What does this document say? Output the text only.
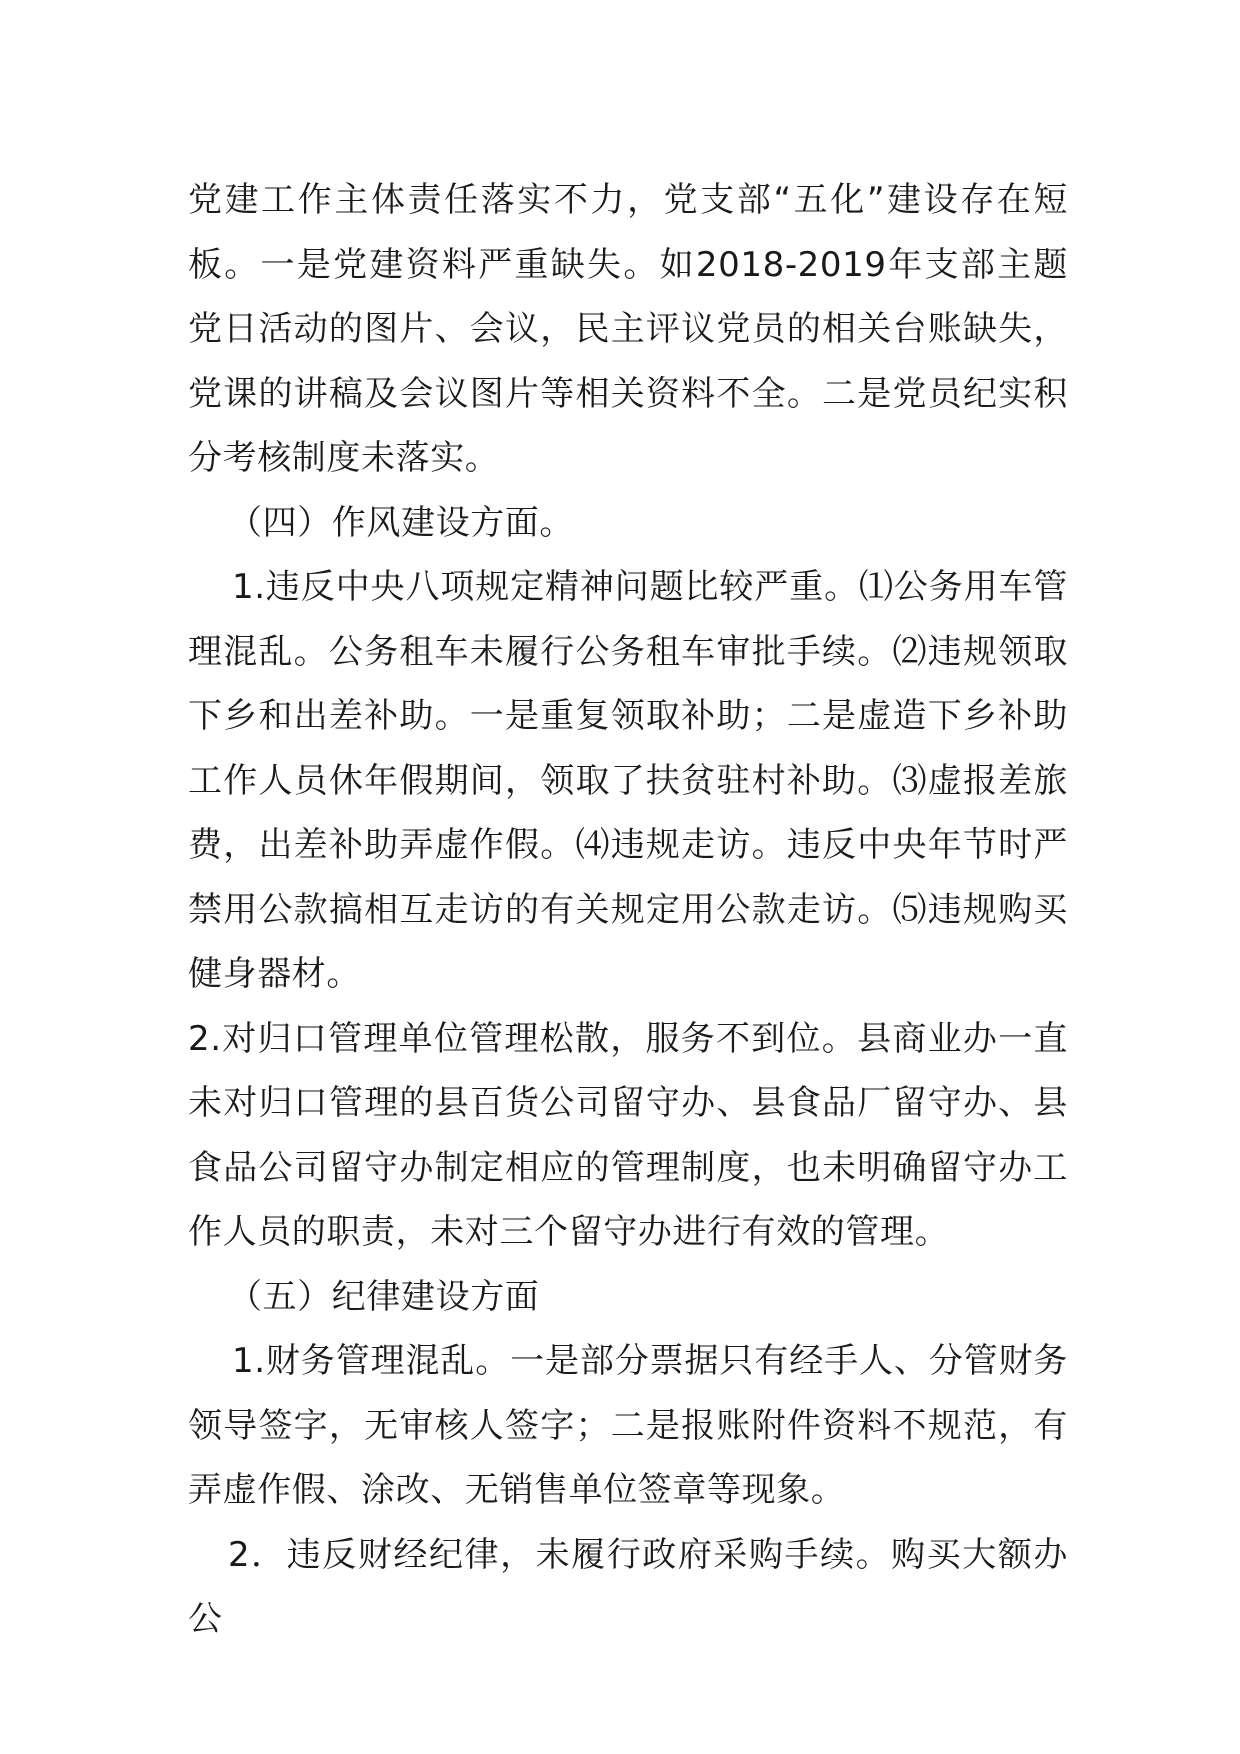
党建工作主体责任落实不力，党支部“五化”建设存在短板。一是党建资料严重缺失。如2018-2019年支部主题党日活动的图片、会议，民主评议党员的相关台账缺失，党课的讲稿及会议图片等相关资料不全。二是党员纪实积分考核制度未落实。

（四）作风建设方面。

1.违反中央八项规定精神问题比较严重。⑴公务用车管理混乱。公务租车未履行公务租车审批手续。⑵违规领取下乡和出差补助。一是重复领取补助；二是虚造下乡补助工作人员休年假期间，领取了扶贫驻村补助。⑶虚报差旅费，出差补助弄虚作假。⑷违规走访。违反中央年节时严禁用公款搞相互走访的有关规定用公款走访。⑸违规购买健身器材。

2.对归口管理单位管理松散，服务不到位。县商业办一直未对归口管理的县百货公司留守办、县食品厂留守办、县食品公司留守办制定相应的管理制度，也未明确留守办工作人员的职责，未对三个留守办进行有效的管理。

（五）纪律建设方面

1.财务管理混乱。一是部分票据只有经手人、分管财务领导签字，无审核人签字；二是报账附件资料不规范，有弄虚作假、涂改、无销售单位签章等现象。

2．违反财经纪律，未履行政府采购手续。购买大额办公
